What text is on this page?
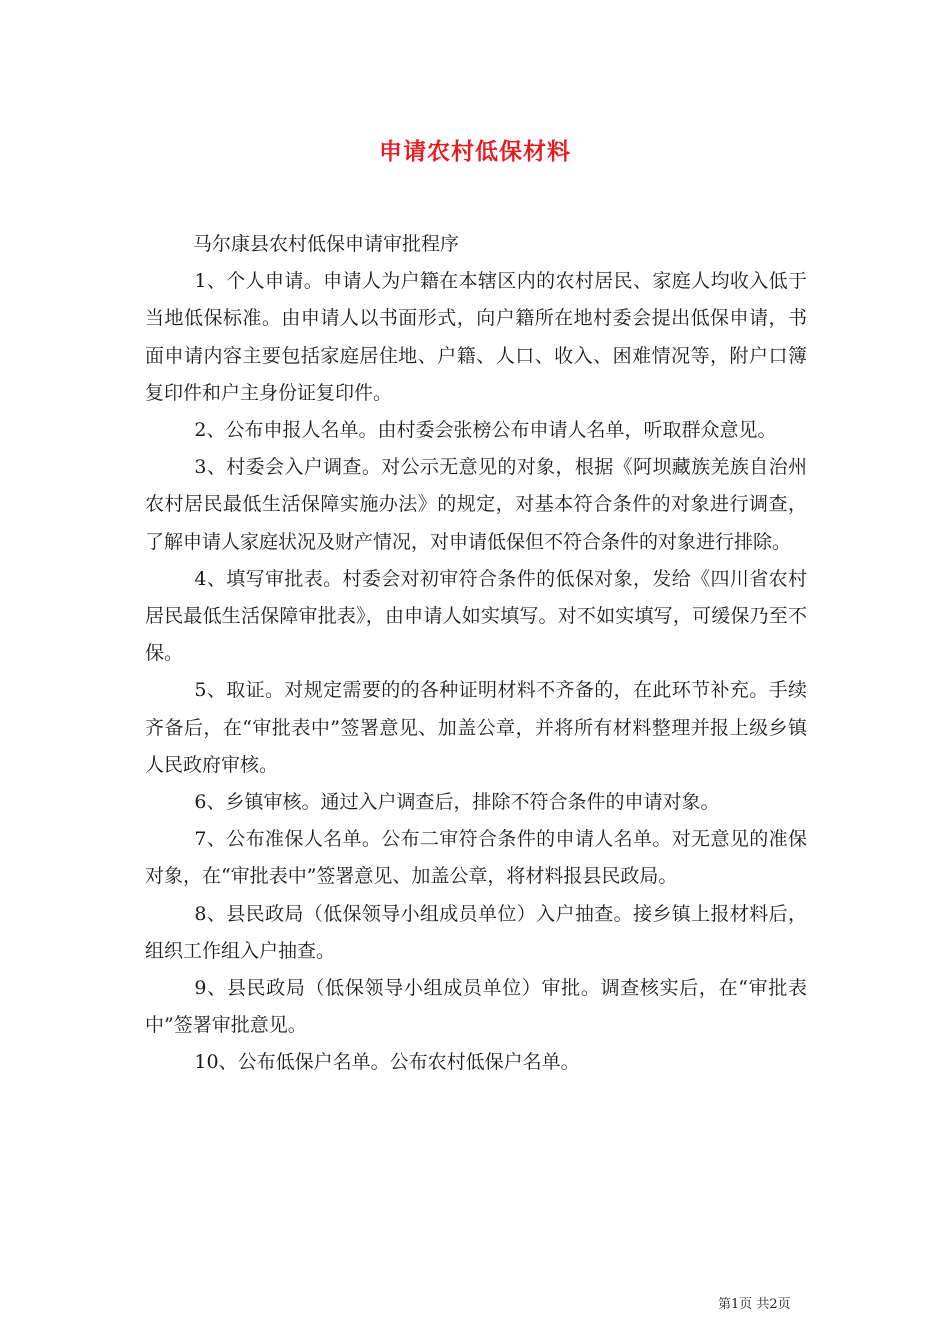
申请农村低保材料

马尔康县农村低保申请审批程序

1、个人申请。申请人为户籍在本辖区内的农村居民、家庭人均收入低于当地低保标准。由申请人以书面形式，向户籍所在地村委会提出低保申请，书面申请内容主要包括家庭居住地、户籍、人口、收入、困难情况等，附户口簿复印件和户主身份证复印件。

2、公布申报人名单。由村委会张榜公布申请人名单，听取群众意见。

3、村委会入户调查。对公示无意见的对象，根据《阿坝藏族羌族自治州农村居民最低生活保障实施办法》的规定，对基本符合条件的对象进行调查，了解申请人家庭状况及财产情况，对申请低保但不符合条件的对象进行排除。

4、填写审批表。村委会对初审符合条件的低保对象，发给《四川省农村居民最低生活保障审批表》，由申请人如实填写。对不如实填写，可缓保乃至不保。

5、取证。对规定需要的的各种证明材料不齐备的，在此环节补充。手续齐备后，在“审批表中”签署意见、加盖公章，并将所有材料整理并报上级乡镇人民政府审核。

6、乡镇审核。通过入户调查后，排除不符合条件的申请对象。

7、公布准保人名单。公布二审符合条件的申请人名单。对无意见的准保对象，在“审批表中”签署意见、加盖公章，将材料报县民政局。

8、县民政局（低保领导小组成员单位）入户抽查。接乡镇上报材料后，组织工作组入户抽查。

9、县民政局（低保领导小组成员单位）审批。调查核实后，在“审批表中”签署审批意见。

10、公布低保户名单。公布农村低保户名单。

第1页 共2页
